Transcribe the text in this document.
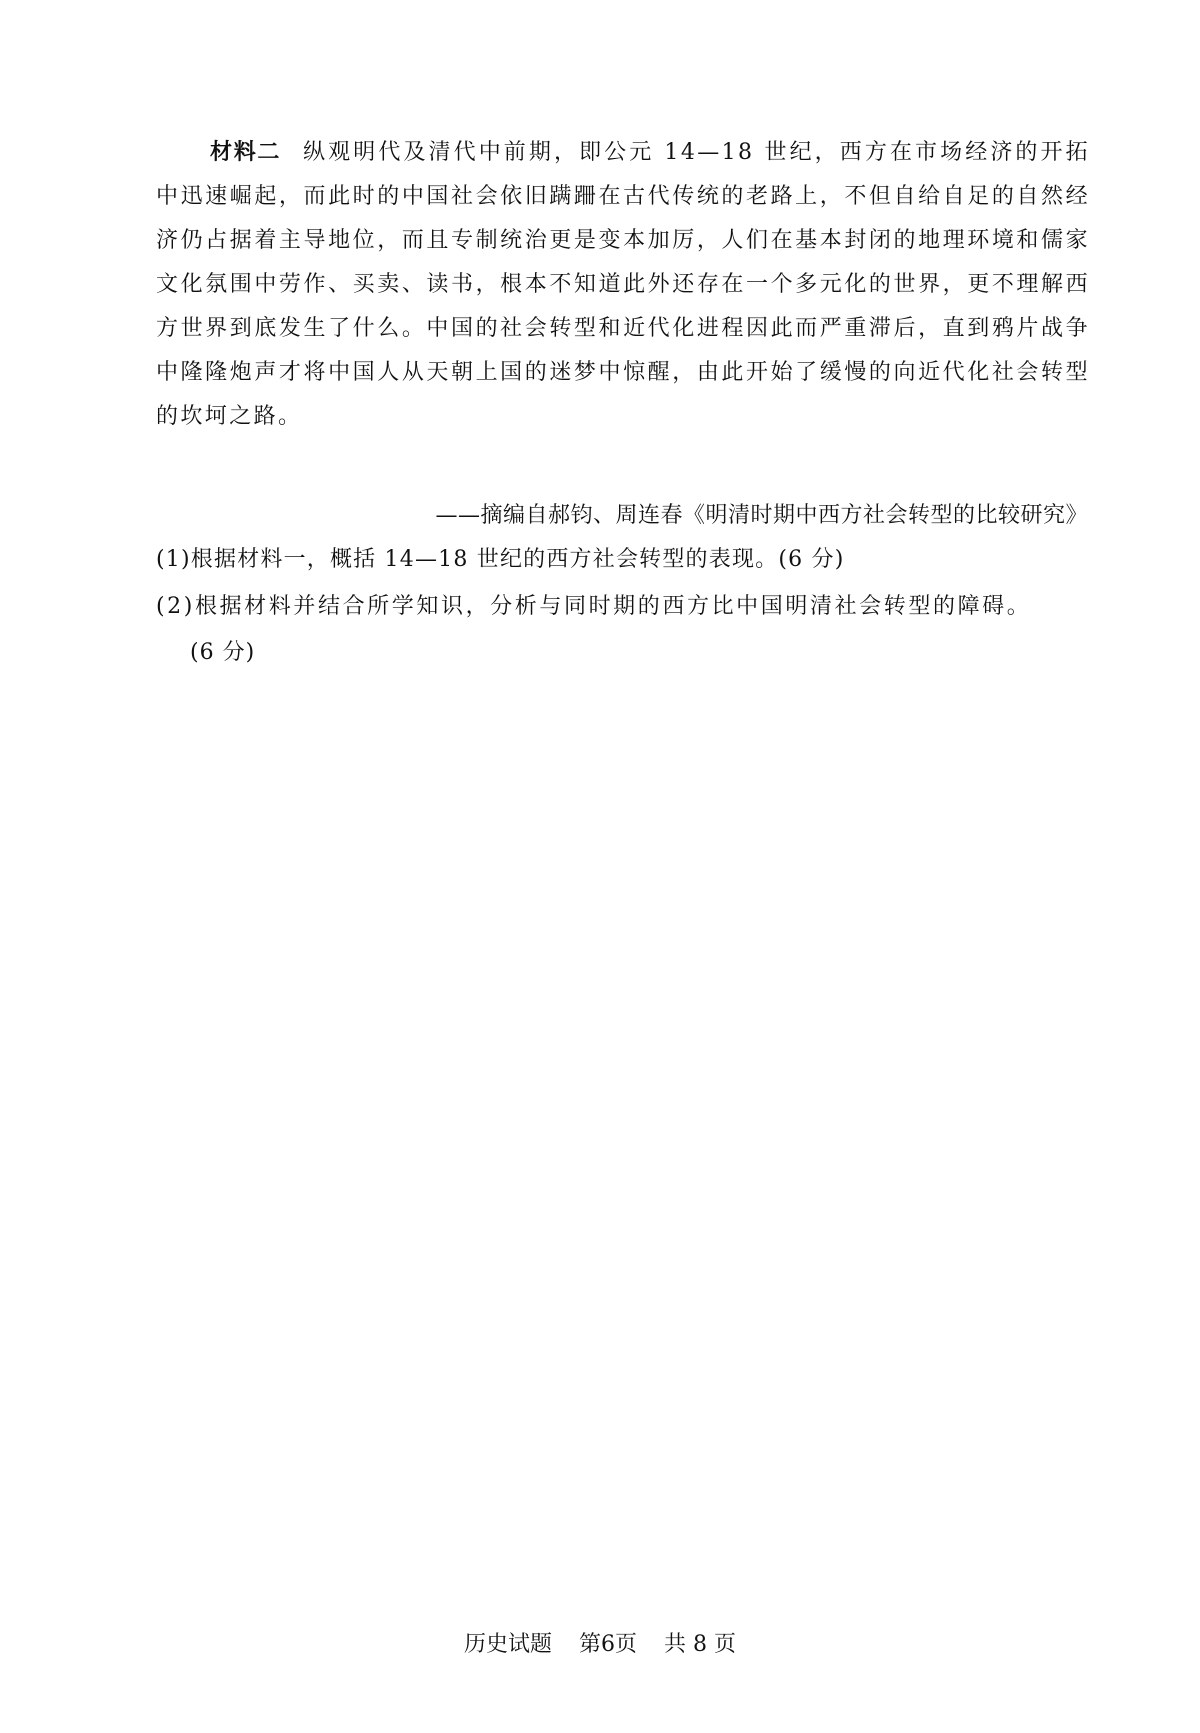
材料二 纵观明代及清代中前期，即公元 14—18 世纪，西方在市场经济的开拓中迅速崛起，而此时的中国社会依旧蹒跚在古代传统的老路上，不但自给自足的自然经济仍占据着主导地位，而且专制统治更是变本加厉，人们在基本封闭的地理环境和儒家文化氛围中劳作、买卖、读书，根本不知道此外还存在一个多元化的世界，更不理解西方世界到底发生了什么。中国的社会转型和近代化进程因此而严重滞后，直到鸦片战争中隆隆炮声才将中国人从天朝上国的迷梦中惊醒，由此开始了缓慢的向近代化社会转型的坎坷之路。
——摘编自郝钧、周连春《明清时期中西方社会转型的比较研究》
(1)根据材料一，概括 14—18 世纪的西方社会转型的表现。(6 分)
(2)根据材料并结合所学知识，分析与同时期的西方比中国明清社会转型的障碍。
(6 分)
历史试题 第6页 共 8 页
